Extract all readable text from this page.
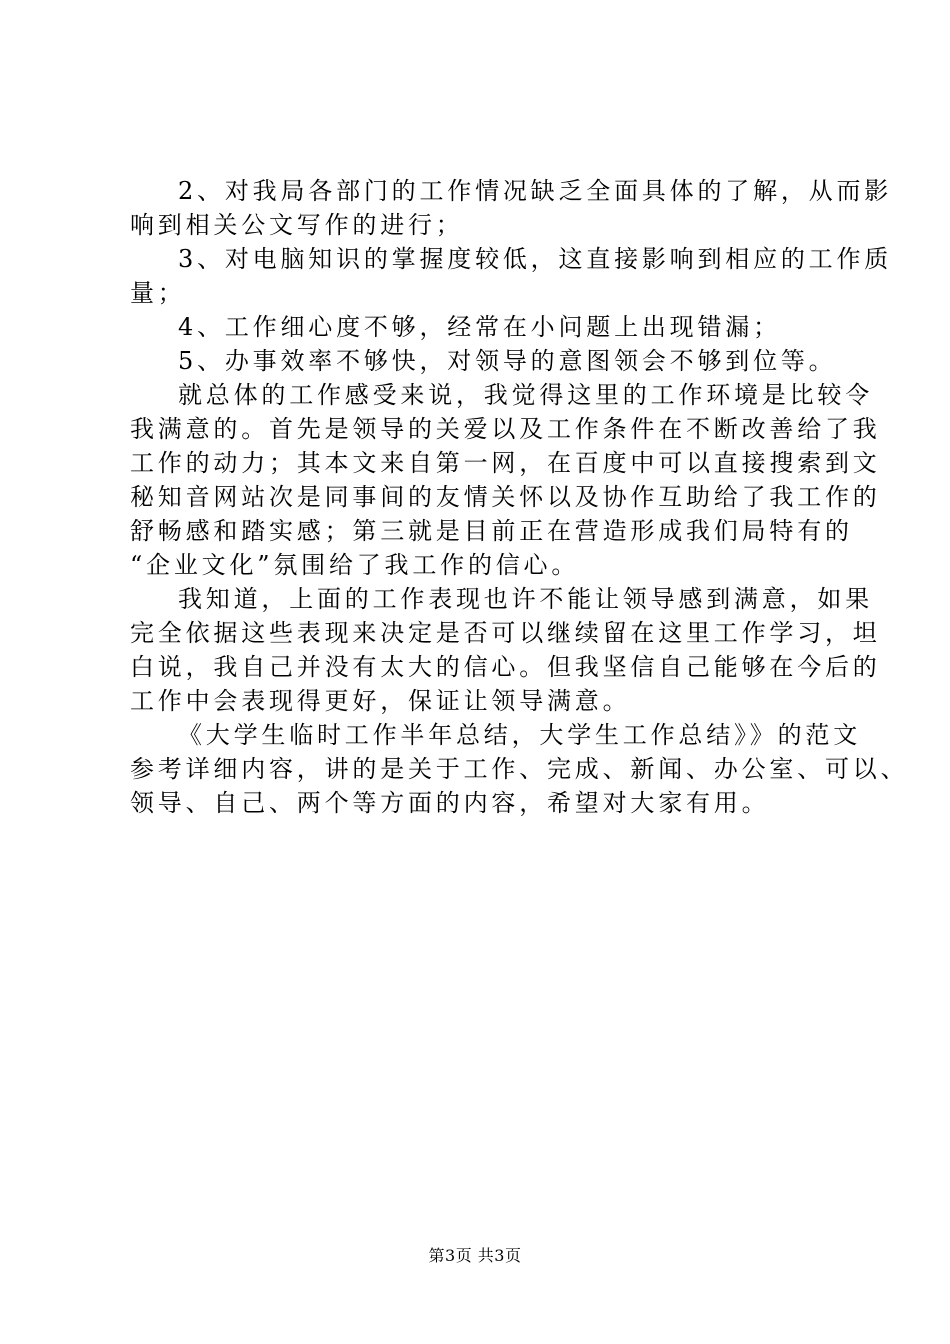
2、对我局各部门的工作情况缺乏全面具体的了解，从而影
响到相关公文写作的进行；
3、对电脑知识的掌握度较低，这直接影响到相应的工作质
量；
4、工作细心度不够，经常在小问题上出现错漏；
5、办事效率不够快，对领导的意图领会不够到位等。
就总体的工作感受来说，我觉得这里的工作环境是比较令
我满意的。首先是领导的关爱以及工作条件在不断改善给了我
工作的动力；其本文来自第一网，在百度中可以直接搜索到文
秘知音网站次是同事间的友情关怀以及协作互助给了我工作的
舒畅感和踏实感；第三就是目前正在营造形成我们局特有的
“企业文化”氛围给了我工作的信心。
我知道，上面的工作表现也许不能让领导感到满意，如果
完全依据这些表现来决定是否可以继续留在这里工作学习，坦
白说，我自己并没有太大的信心。但我坚信自己能够在今后的
工作中会表现得更好，保证让领导满意。
《大学生临时工作半年总结，大学生工作总结》》的范文
参考详细内容，讲的是关于工作、完成、新闻、办公室、可以、
领导、自己、两个等方面的内容，希望对大家有用。
第3页 共3页
